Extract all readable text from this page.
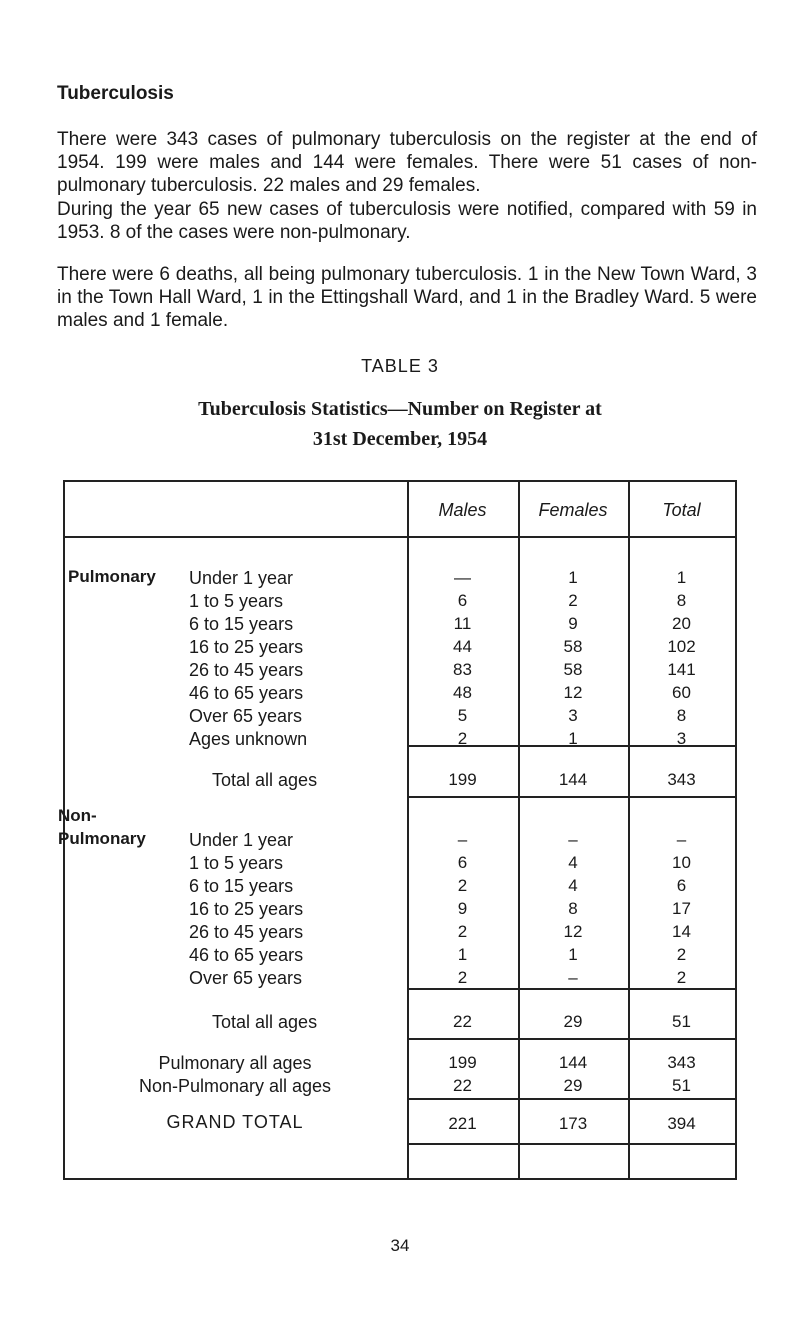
Tuberculosis
There were 343 cases of pulmonary tuberculosis on the register at the end of 1954. 199 were males and 144 were females. There were 51 cases of non-pulmonary tuberculosis. 22 males and 29 females.
During the year 65 new cases of tuberculosis were notified, compared with 59 in 1953. 8 of the cases were non-pulmonary.
There were 6 deaths, all being pulmonary tuberculosis. 1 in the New Town Ward, 3 in the Town Hall Ward, 1 in the Ettingshall Ward, and 1 in the Bradley Ward. 5 were males and 1 female.
TABLE 3
Tuberculosis Statistics—Number on Register at
31st December, 1954
Males	Females	Total
Pulmonary Under 1 year	—	1	1
1 to 5 years	6	2	8
6 to 15 years	11	9	20
16 to 25 years	44	58	102
26 to 45 years	83	58	141
46 to 65 years	48	12	60
Over 65 years	5	3	8
Ages unknown	2	1	3
Total all ages	199	144	343
Non-
Pulmonary Under 1 year	–	–	–
1 to 5 years	6	4	10
6 to 15 years	2	4	6
16 to 25 years	9	8	17
26 to 45 years	2	12	14
46 to 65 years	1	1	2
Over 65 years	2	–	2
Total all ages	22	29	51
Pulmonary all ages	199	144	343
Non-Pulmonary all ages	22	29	51
GRAND TOTAL	221	173	394
34
